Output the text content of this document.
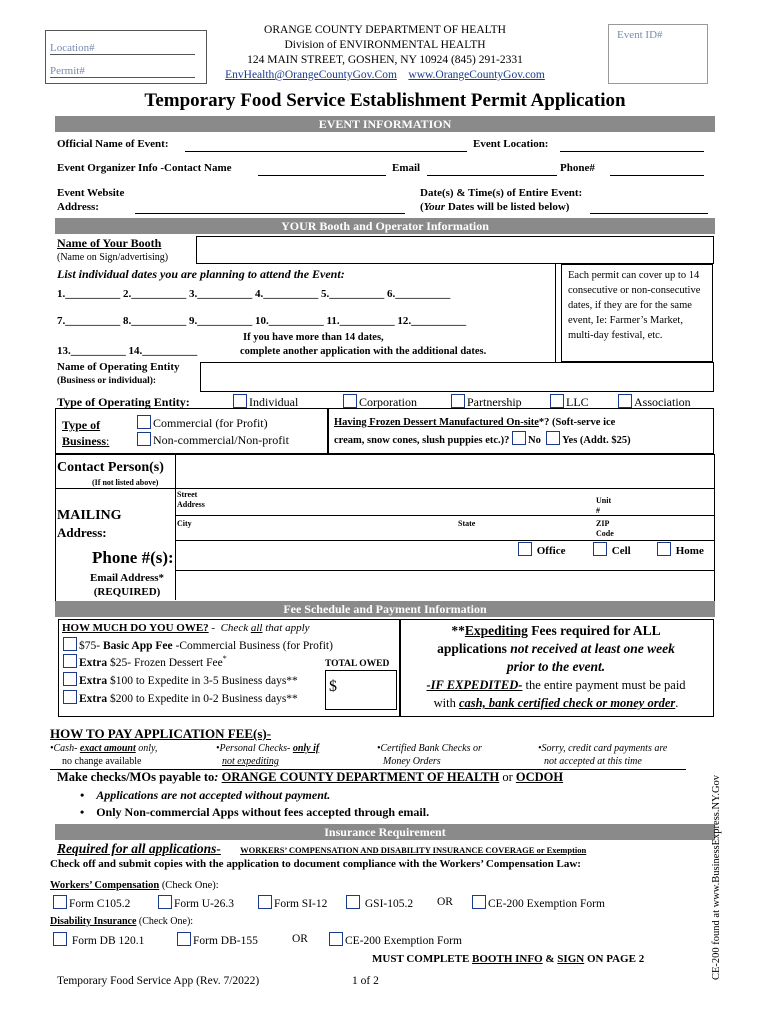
Location#
Permit#
ORANGE COUNTY DEPARTMENT OF HEALTH
Division of ENVIRONMENTAL HEALTH
124 MAIN STREET, GOSHEN, NY 10924 (845) 291-2331
EnvHealth@OrangeCountyGov.Com www.OrangeCountyGov.com
Event ID#
Temporary Food Service Establishment Permit Application
EVENT INFORMATION
Official Name of Event:	Event Location:
Event Organizer Info -Contact Name	Email	Phone#
Event Website
Address:
Date(s) & Time(s) of Entire Event:
(Your Dates will be listed below)
YOUR Booth and Operator Information
Name of Your Booth
(Name on Sign/advertising)
List individual dates you are planning to attend the Event:
1.__________ 2.__________ 3.__________ 4.__________ 5.__________ 6.__________
7.__________ 8.__________ 9.__________ 10.__________ 11.__________ 12.__________
13.__________ 14.__________
If you have more than 14 dates,
complete another application with the additional dates.
Each permit can cover up to 14 consecutive or non-consecutive dates, if they are for the same event, Ie: Farmer’s Market, multi-day festival, etc.
Name of Operating Entity
(Business or individual):
Type of Operating Entity:	Individual	Corporation	Partnership	LLC	Association
Type of
Business:
Commercial (for Profit)
Non-commercial/Non-profit
Having Frozen Dessert Manufactured On-site*? (Soft-serve ice
cream, snow cones, slush puppies etc.)? No Yes (Addt. $25)
Contact Person(s)
(If not listed above)
Street
Address	Unit
#
MAILING
Address:
City	State	ZIP
Code
Phone #(s):	Office	Cell	Home
Email Address*
(REQUIRED)
Fee Schedule and Payment Information
HOW MUCH DO YOU OWE? -  Check all that apply
$75- Basic App Fee -Commercial Business (for Profit)
Extra $25- Frozen Dessert Fee*
TOTAL OWED
Extra $100 to Expedite in 3-5 Business days** $
Extra $200 to Expedite in 0-2 Business days**
**Expediting Fees required for ALL
applications not received at least one week
prior to the event.
-IF EXPEDITED- the entire payment must be paid
with cash, bank certified check or money order.
HOW TO PAY APPLICATION FEE(s)-
•Cash- exact amount only,
no change available
•Personal Checks- only if
not expediting
•Certified Bank Checks or
Money Orders
•Sorry, credit card payments are
not accepted at this time
Make checks/MOs payable to: ORANGE COUNTY DEPARTMENT OF HEALTH or OCDOH
•    Applications are not accepted without payment.
•    Only Non-commercial Apps without fees accepted through email.
Insurance Requirement
Required for all applications- WORKERS’ COMPENSATION AND DISABILITY INSURANCE COVERAGE or Exemption
Check off and submit copies with the application to document compliance with the Workers’ Compensation Law:
Workers’ Compensation (Check One):
Form C105.2	Form U-26.3	Form SI-12	GSI-105.2 OR	CE-200 Exemption Form
Disability Insurance (Check One):
Form DB 120.1	Form DB-155	OR	CE-200 Exemption Form
MUST COMPLETE BOOTH INFO & SIGN ON PAGE 2
Temporary Food Service App (Rev. 7/2022)	1 of 2
CE-200 found at www.BusinessExpress.NY.Gov
